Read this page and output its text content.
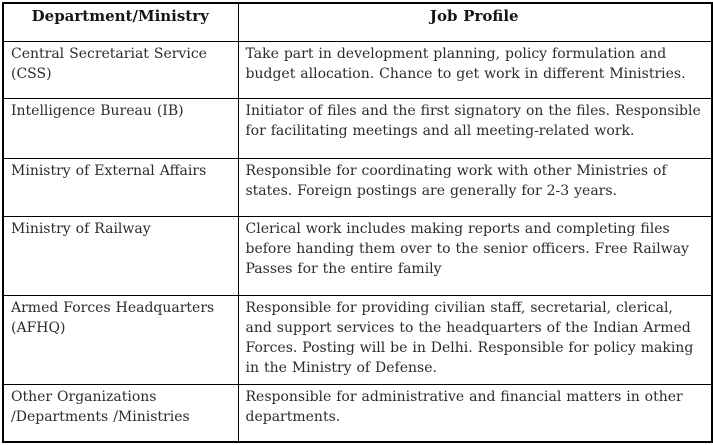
Department/Ministry	Job Profile
Central Secretariat Service (CSS)	Take part in development planning, policy formulation and budget allocation. Chance to get work in different Ministries.
Intelligence Bureau (IB)	Initiator of files and the first signatory on the files. Responsible for facilitating meetings and all meeting-related work.
Ministry of External Affairs	Responsible for coordinating work with other Ministries of states. Foreign postings are generally for 2-3 years.
Ministry of Railway	Clerical work includes making reports and completing files before handing them over to the senior officers. Free Railway Passes for the entire family
Armed Forces Headquarters (AFHQ)	Responsible for providing civilian staff, secretarial, clerical, and support services to the headquarters of the Indian Armed Forces. Posting will be in Delhi. Responsible for policy making in the Ministry of Defense.
Other Organizations /Departments /Ministries	Responsible for administrative and financial matters in other departments.
